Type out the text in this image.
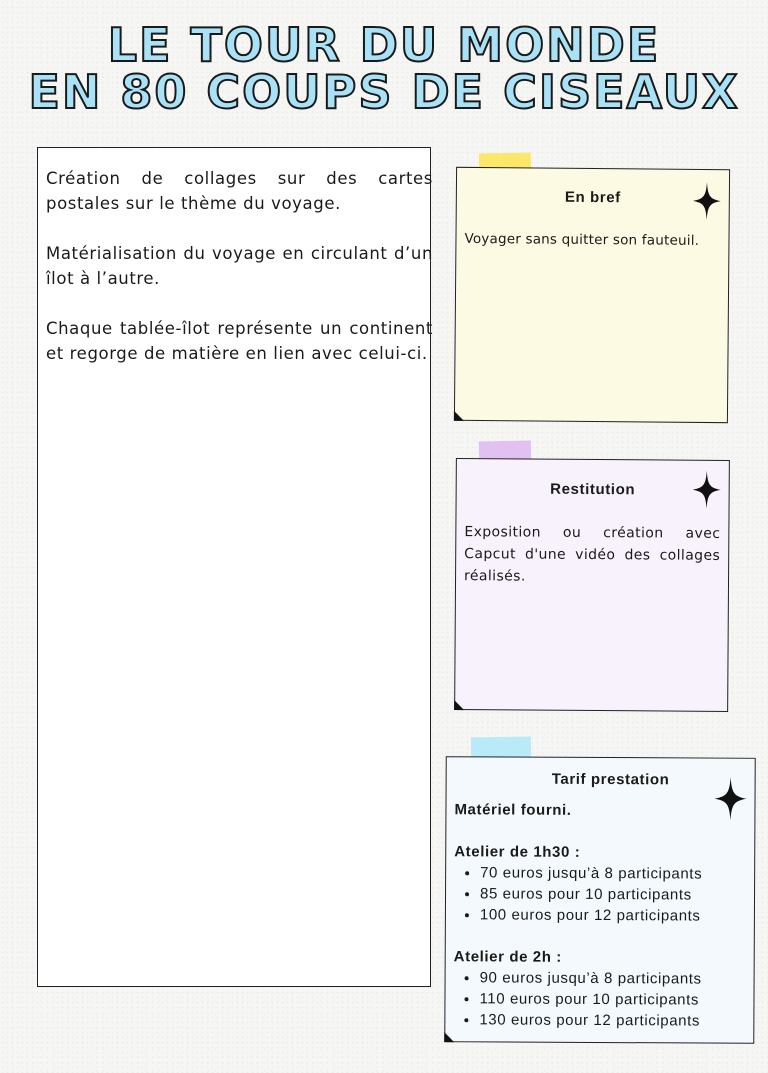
LE TOUR DU MONDE
EN 80 COUPS DE CISEAUX

Création de collages sur des cartes postales sur le thème du voyage.

Matérialisation du voyage en circulant d’un îlot à l’autre.

Chaque tablée-îlot représente un continent et regorge de matière en lien avec celui-ci.

En bref
Voyager sans quitter son fauteuil.
Restitution
Exposition ou création avec Capcut d'une vidéo des collages réalisés.
Tarif prestation
Matériel fourni.
Atelier de 1h30 :
• 70 euros jusqu’à 8 participants
• 85 euros pour 10 participants
• 100 euros pour 12 participants
Atelier de 2h :
• 90 euros jusqu’à 8 participants
• 110 euros pour 10 participants
• 130 euros pour 12 participants
